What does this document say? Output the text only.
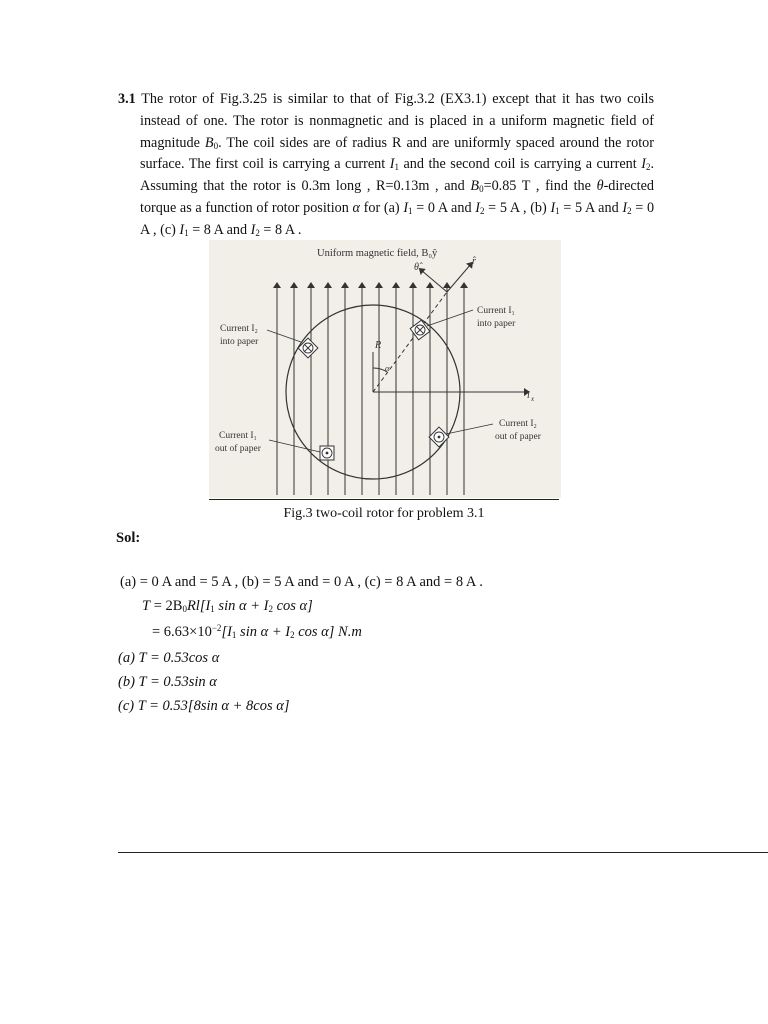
3.1 The rotor of Fig.3.25 is similar to that of Fig.3.2 (EX3.1) except that it has two coils instead of one. The rotor is nonmagnetic and is placed in a uniform magnetic field of magnitude $B_0$. The coil sides are of radius R and are uniformly spaced around the rotor surface. The first coil is carrying a current $I_1$ and the second coil is carrying a current $I_2$. Assuming that the rotor is 0.3m long , R=0.13m , and $B_0=0.85$ T , find the θ-directed torque as a function of rotor position α for (a) $I_1 = 0$ A and $I_2 = 5$ A , (b) $I_1 = 5$ A and $I_2 = 0$ A , (c) $I_1 = 8$ A and $I_2 = 8$ A .

Uniform magnetic field, B₀ŷ
i x
α
R
θ̂
r̂
Current I₁
into paper
Current I₂
into paper
Current I₂
out of paper
Current I₁
out of paper
Fig.3 two-coil rotor for problem 3.1
Sol:
(a) = 0 A and = 5 A , (b) = 5 A and = 0 A , (c) = 8 A and = 8 A .
$T = 2B_0Rl[I_1$ $\sin \alpha + I_2$ cos α]
= $6.63\times 10^{-2}[I_1$ $\sin \alpha + I_2$ cos α] N.m
(a) T = 0.53cos α
(b) T = 0.53sin α
(c) T = 0.53[8sin α + 8cos α]
